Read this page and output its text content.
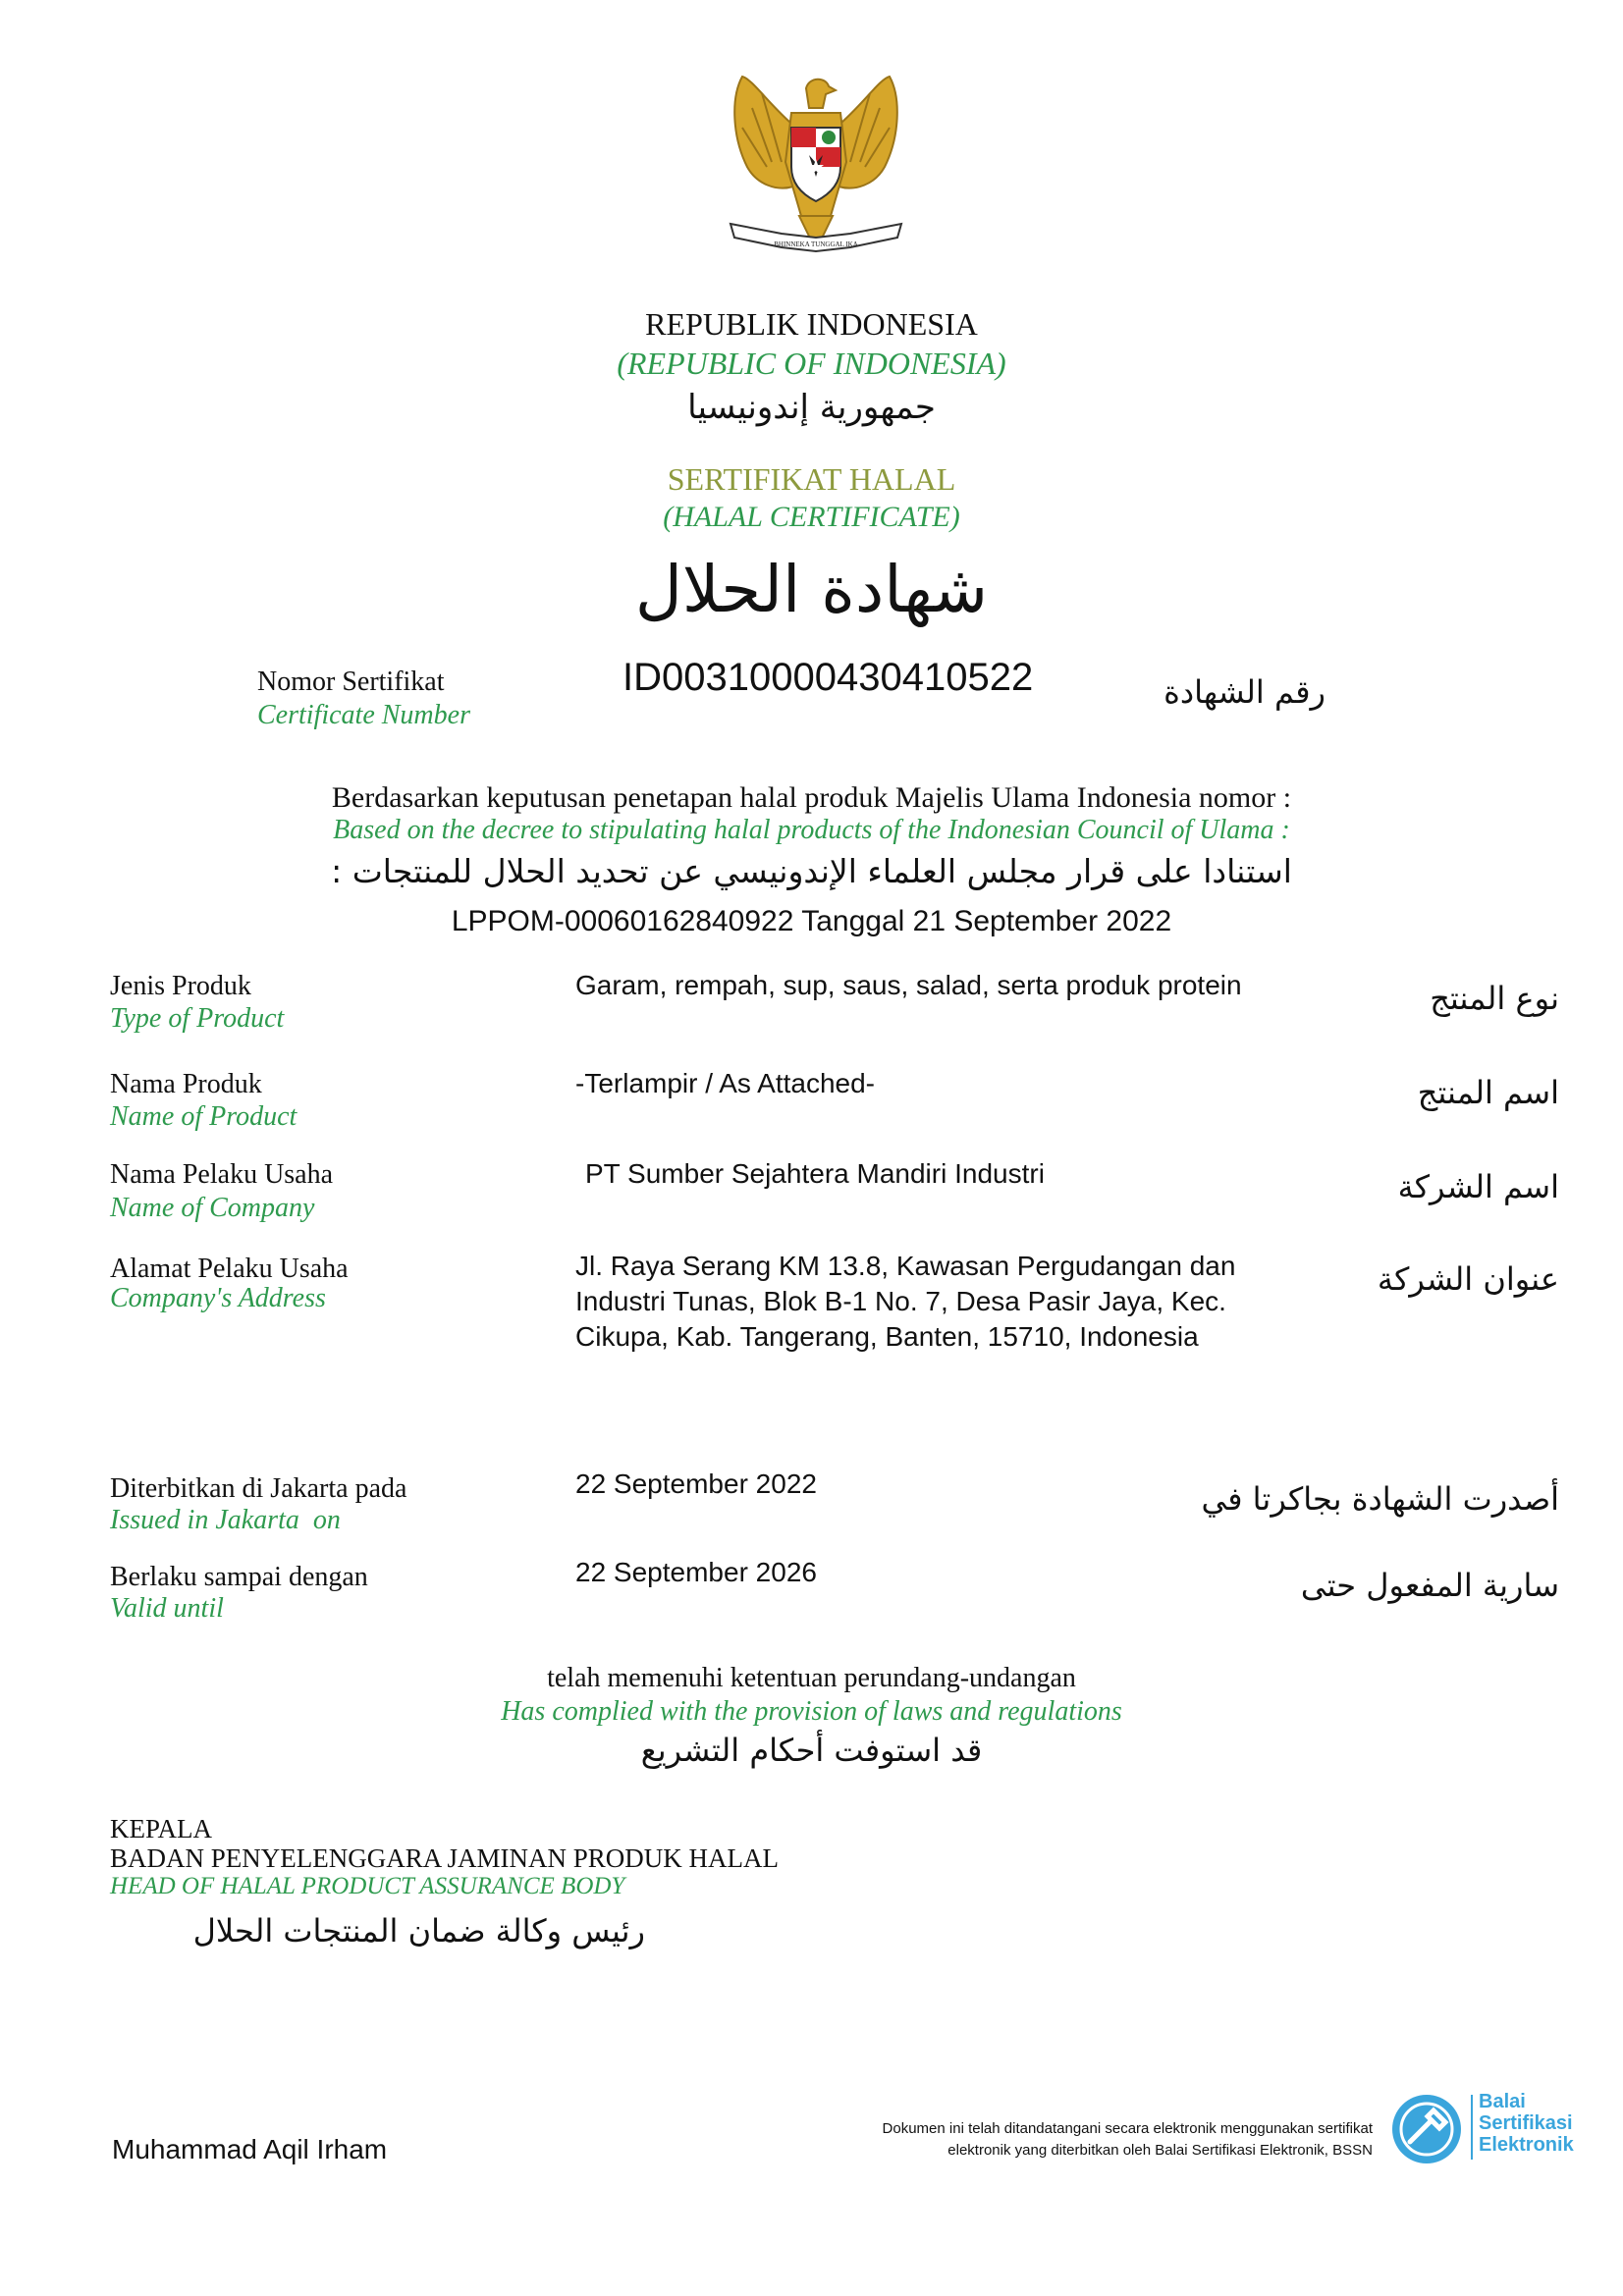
BHINNEKA TUNGGAL IKA
REPUBLIK INDONESIA
(REPUBLIC OF INDONESIA)
جمهورية إندونيسيا
SERTIFIKAT HALAL
(HALAL CERTIFICATE)
شهادة الحلال
Nomor Sertifikat
Certificate Number
ID00310000430410522	رقم الشهادة
Berdasarkan keputusan penetapan halal produk Majelis Ulama Indonesia nomor :
Based on the decree to stipulating halal products of the Indonesian Council of Ulama :
استنادا على قرار مجلس العلماء الإندونيسي عن تحديد الحلال للمنتجات :
LPPOM-00060162840922 Tanggal 21 September 2022
Jenis Produk
Type of Product
Garam, rempah, sup, saus, salad, serta produk protein	نوع المنتج
Nama Produk
Name of Product
-Terlampir / As Attached-	اسم المنتج
Nama Pelaku Usaha
Name of Company
PT Sumber Sejahtera Mandiri Industri	اسم الشركة
Alamat Pelaku Usaha
Company's Address
Jl. Raya Serang KM 13.8, Kawasan Pergudangan dan Industri Tunas, Blok B-1 No. 7, Desa Pasir Jaya, Kec. Cikupa, Kab. Tangerang, Banten, 15710, Indonesia
عنوان الشركة
Diterbitkan di Jakarta pada
Issued in Jakarta  on
22 September 2022	أصدرت الشهادة بجاكرتا في
Berlaku sampai dengan
Valid until
22 September 2026	سارية المفعول حتى
telah memenuhi ketentuan perundang-undangan
Has complied with the provision of laws and regulations
قد استوفت أحكام التشريع
KEPALA
BADAN PENYELENGGARA JAMINAN PRODUK HALAL
HEAD OF HALAL PRODUCT ASSURANCE BODY
رئيس وكالة ضمان المنتجات الحلال
Muhammad Aqil Irham
Dokumen ini telah ditandatangani secara elektronik menggunakan sertifikat
elektronik yang diterbitkan oleh Balai Sertifikasi Elektronik, BSSN
Balai
Sertifikasi
Elektronik
